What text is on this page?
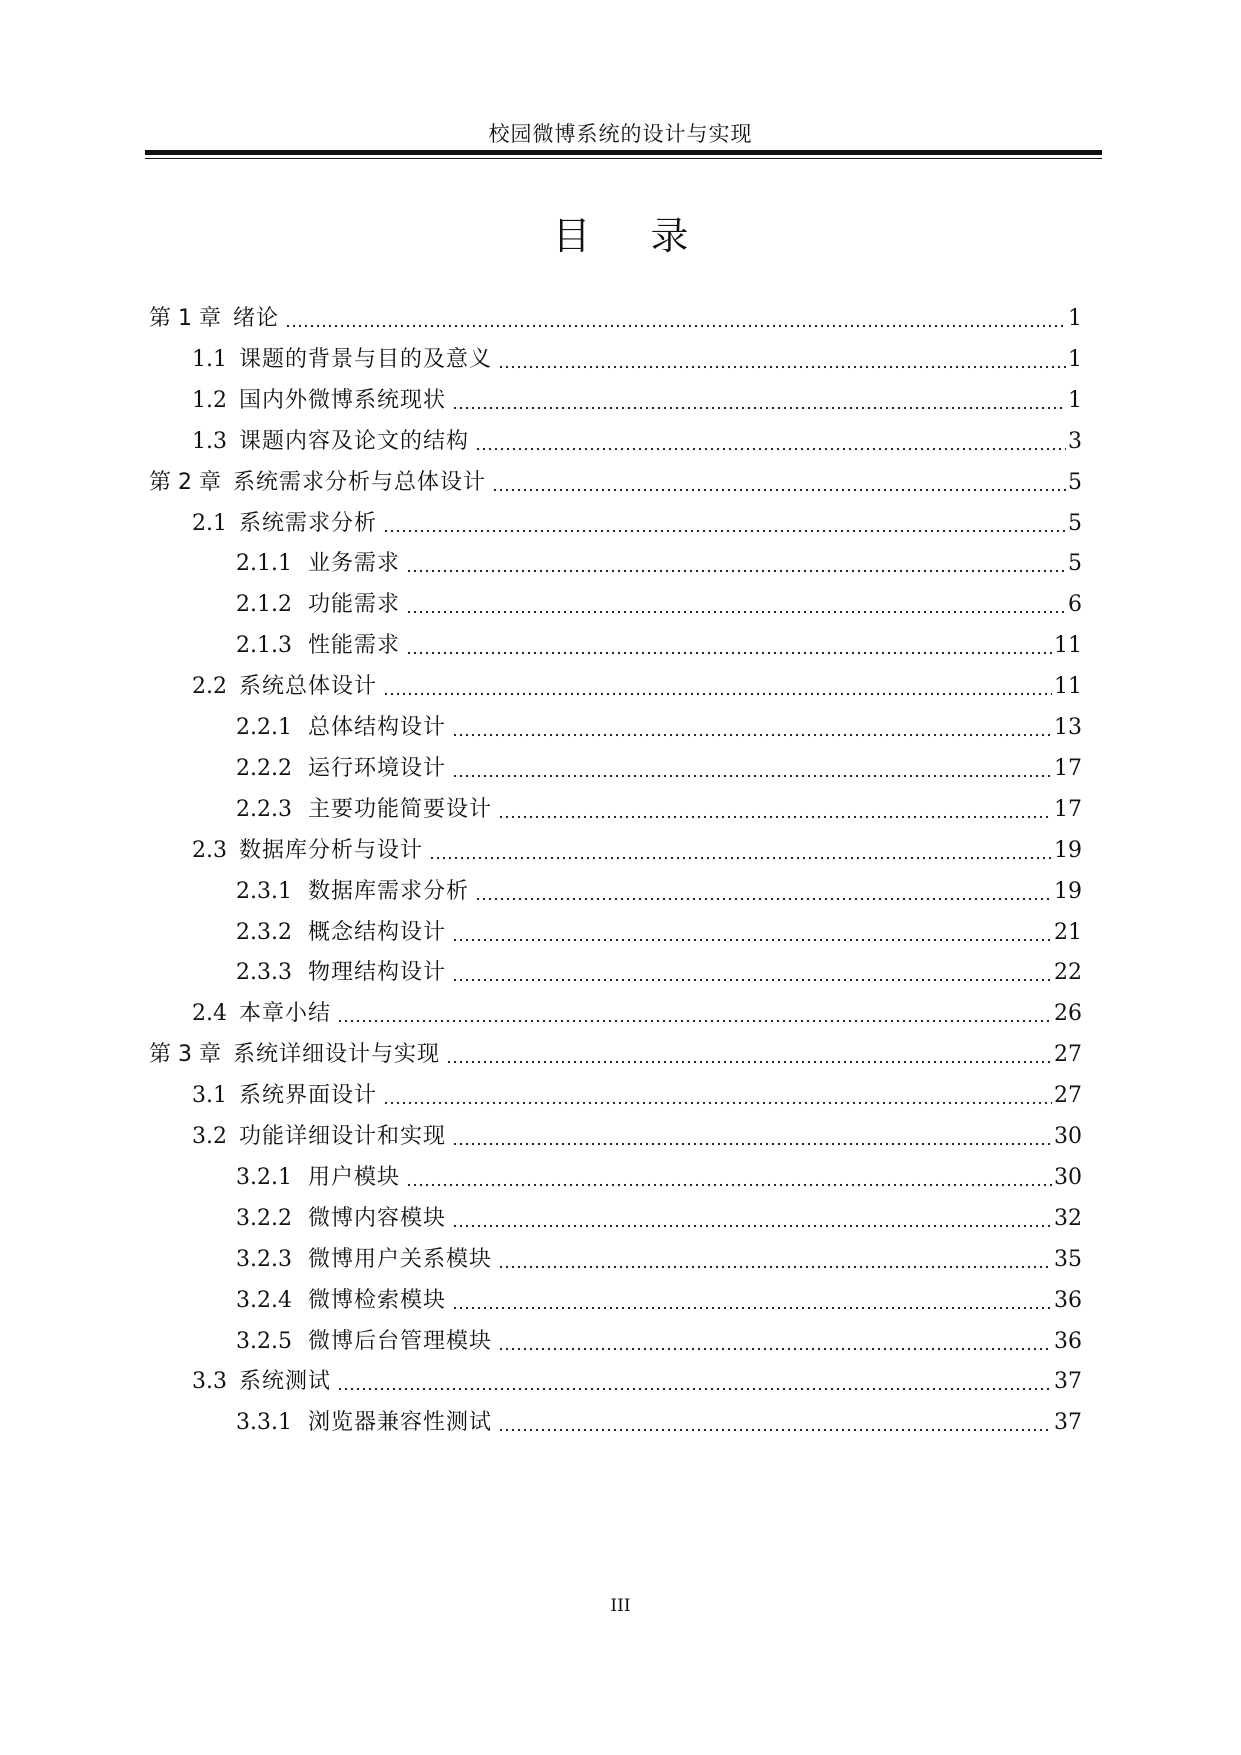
校园微博系统的设计与实现
目录
第 1 章 绪论	1
1.1 课题的背景与目的及意义	1
1.2 国内外微博系统现状	1
1.3 课题内容及论文的结构	3
第 2 章 系统需求分析与总体设计	5
2.1 系统需求分析	5
2.1.1 业务需求	5
2.1.2 功能需求	6
2.1.3 性能需求	11
2.2 系统总体设计	11
2.2.1 总体结构设计	13
2.2.2 运行环境设计	17
2.2.3 主要功能简要设计	17
2.3 数据库分析与设计	19
2.3.1 数据库需求分析	19
2.3.2 概念结构设计	21
2.3.3 物理结构设计	22
2.4 本章小结	26
第 3 章 系统详细设计与实现	27
3.1 系统界面设计	27
3.2 功能详细设计和实现	30
3.2.1 用户模块	30
3.2.2 微博内容模块	32
3.2.3 微博用户关系模块	35
3.2.4 微博检索模块	36
3.2.5 微博后台管理模块	36
3.3 系统测试	37
3.3.1 浏览器兼容性测试	37
III
